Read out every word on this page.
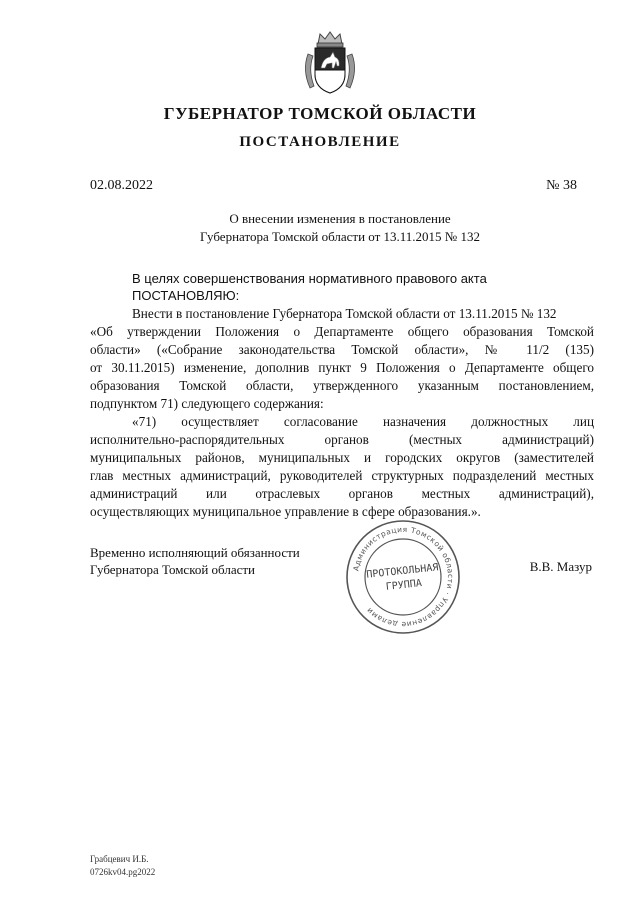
ГУБЕРНАТОР ТОМСКОЙ ОБЛАСТИ
ПОСТАНОВЛЕНИЕ
02.08.2022	№ 38
О внесении изменения в постановление
Губернатора Томской области от 13.11.2015 № 132
В целях совершенствования нормативного правового акта
ПОСТАНОВЛЯЮ:
Внести в постановление Губернатора Томской области от 13.11.2015 № 132
«Об утверждении Положения о Департаменте общего образования Томской
области» («Собрание законодательства Томской области», № 11/2 (135)
от 30.11.2015) изменение, дополнив пункт 9 Положения о Департаменте общего
образования Томской области, утвержденного указанным постановлением,
подпунктом 71) следующего содержания:
«71) осуществляет согласование назначения должностных лиц
исполнительно-распорядительных органов (местных администраций)
муниципальных районов, муниципальных и городских округов (заместителей
глав местных администраций, руководителей структурных подразделений местных
администраций или отраслевых органов местных администраций),
осуществляющих муниципальное управление в сфере образования.».
Временно исполняющий обязанности
Губернатора Томской области	В.В. Мазур
Администрация Томской области · Управление делами
ПРОТОКОЛЬНАЯ
ГРУППА
Грабцевич И.Б.
0726kv04.pg2022
